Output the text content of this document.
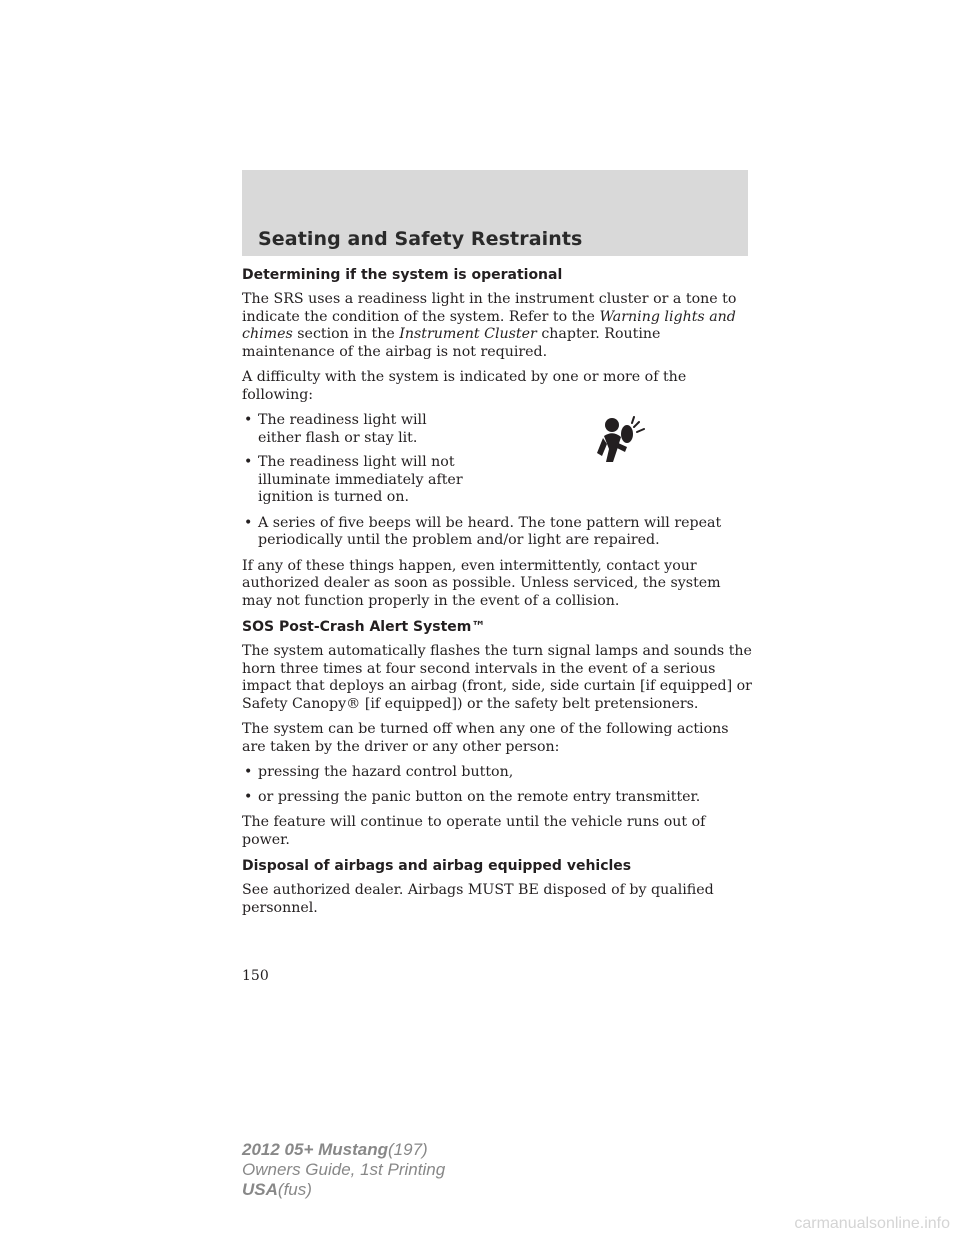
Seating and Safety Restraints
Determining if the system is operational

The SRS uses a readiness light in the instrument cluster or a tone to indicate the condition of the system. Refer to the Warning lights and chimes section in the Instrument Cluster chapter. Routine maintenance of the airbag is not required.

A difficulty with the system is indicated by one or more of the following:

• The readiness light will either flash or stay lit.
• The readiness light will not illuminate immediately after ignition is turned on.
• A series of five beeps will be heard. The tone pattern will repeat periodically until the problem and/or light are repaired.

If any of these things happen, even intermittently, contact your authorized dealer as soon as possible. Unless serviced, the system may not function properly in the event of a collision.

SOS Post-Crash Alert System™

The system automatically flashes the turn signal lamps and sounds the horn three times at four second intervals in the event of a serious impact that deploys an airbag (front, side, side curtain [if equipped] or Safety Canopy® [if equipped]) or the safety belt pretensioners.

The system can be turned off when any one of the following actions are taken by the driver or any other person:

• pressing the hazard control button,
• or pressing the panic button on the remote entry transmitter.

The feature will continue to operate until the vehicle runs out of power.

Disposal of airbags and airbag equipped vehicles

See authorized dealer. Airbags MUST BE disposed of by qualified personnel.

150
2012 05+ Mustang(197)
Owners Guide, 1st Printing
USA(fus)
carmanualsonline.info
